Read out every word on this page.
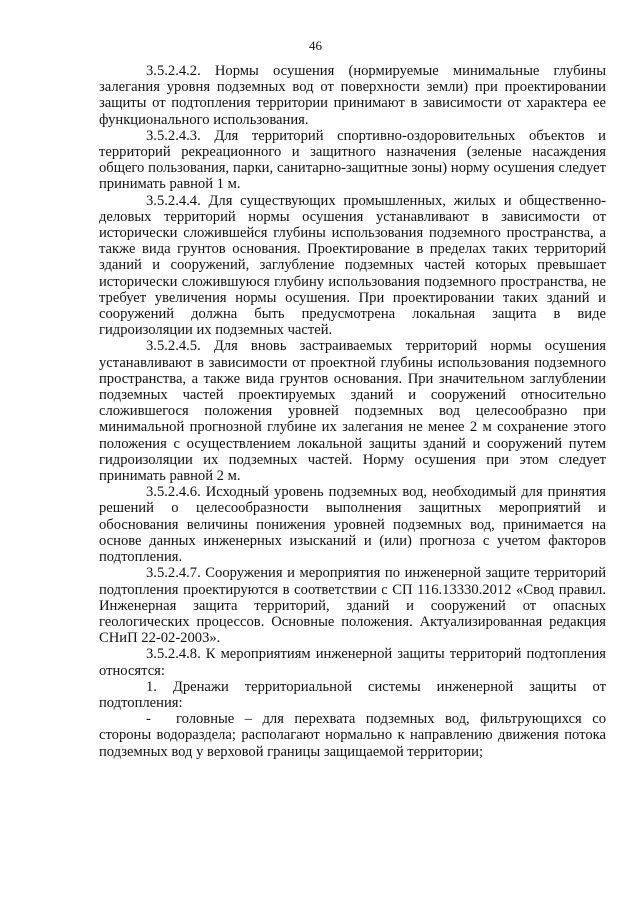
46

3.5.2.4.2. Нормы осушения (нормируемые минимальные глубины залегания уровня подземных вод от поверхности земли) при проектировании защиты от подтопления территории принимают в зависимости от характера ее функционального использования.

3.5.2.4.3. Для территорий спортивно-оздоровительных объектов и территорий рекреационного и защитного назначения (зеленые насаждения общего пользования, парки, санитарно-защитные зоны) норму осушения следует принимать равной 1 м.

3.5.2.4.4. Для существующих промышленных, жилых и общественно-деловых территорий нормы осушения устанавливают в зависимости от исторически сложившейся глубины использования подземного пространства, а также вида грунтов основания. Проектирование в пределах таких территорий зданий и сооружений, заглубление подземных частей которых превышает исторически сложившуюся глубину использования подземного пространства, не требует увеличения нормы осушения. При проектировании таких зданий и сооружений должна быть предусмотрена локальная защита в виде гидроизоляции их подземных частей.

3.5.2.4.5. Для вновь застраиваемых территорий нормы осушения устанавливают в зависимости от проектной глубины использования подземного пространства, а также вида грунтов основания. При значительном заглублении подземных частей проектируемых зданий и сооружений относительно сложившегося положения уровней подземных вод целесообразно при минимальной прогнозной глубине их залегания не менее 2 м сохранение этого положения с осуществлением локальной защиты зданий и сооружений путем гидроизоляции их подземных частей. Норму осушения при этом следует принимать равной 2 м.

3.5.2.4.6. Исходный уровень подземных вод, необходимый для принятия решений о целесообразности выполнения защитных мероприятий и обоснования величины понижения уровней подземных вод, принимается на основе данных инженерных изысканий и (или) прогноза с учетом факторов подтопления.

3.5.2.4.7. Сооружения и мероприятия по инженерной защите территорий подтопления проектируются в соответствии с СП 116.13330.2012 «Свод правил. Инженерная защита территорий, зданий и сооружений от опасных геологических процессов. Основные положения. Актуализированная редакция СНиП 22-02-2003».

3.5.2.4.8. К мероприятиям инженерной защиты территорий подтопления относятся:

1. Дренажи территориальной системы инженерной защиты от подтопления:

- головные – для перехвата подземных вод, фильтрующихся со стороны водораздела; располагают нормально к направлению движения потока подземных вод у верховой границы защищаемой территории;
